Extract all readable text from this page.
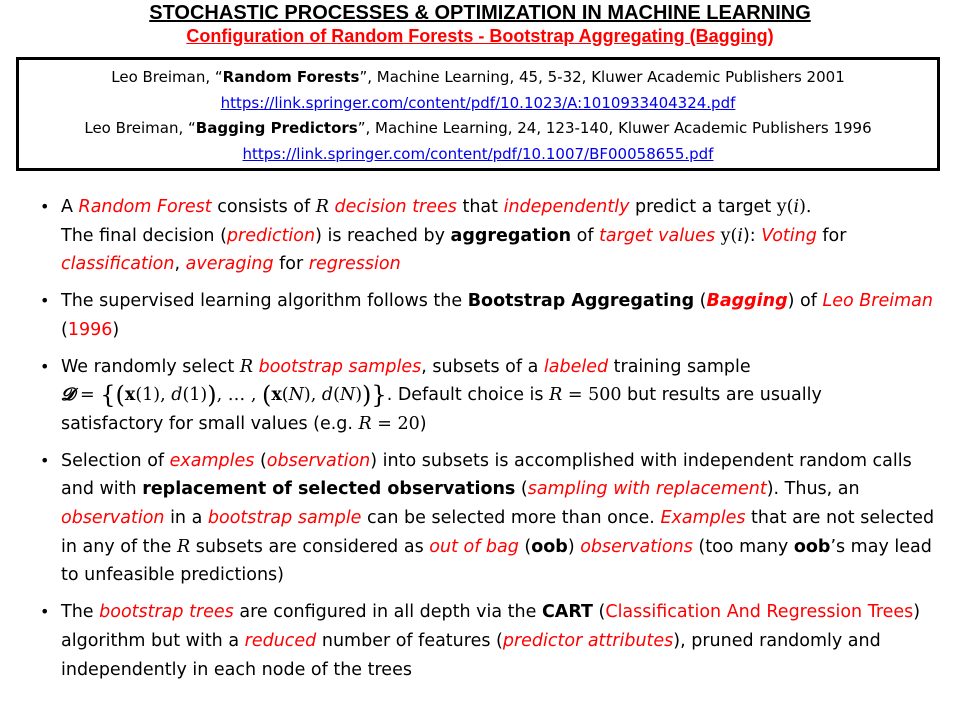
STOCHASTIC PROCESSES & OPTIMIZATION IN MACHINE LEARNING
Configuration of Random Forests - Bootstrap Aggregating (Bagging)
Leo Breiman, “Random Forests”, Machine Learning, 45, 5-32, Kluwer Academic Publishers 2001
https://link.springer.com/content/pdf/10.1023/A:1010933404324.pdf
Leo Breiman, “Bagging Predictors”, Machine Learning, 24, 123-140, Kluwer Academic Publishers 1996
https://link.springer.com/content/pdf/10.1007/BF00058655.pdf
• A Random Forest consists of R decision trees that independently predict a target y(i).
The final decision (prediction) is reached by aggregation of target values y(i): Voting for
classification, averaging for regression
• The supervised learning algorithm follows the Bootstrap Aggregating (Bagging) of Leo Breiman (1996)
• We randomly select R bootstrap samples, subsets of a labeled training sample
𝓓 = {(x(1), d(1)), … , (x(N), d(N))}. Default choice is R = 500 but results are usually
satisfactory for small values (e.g. R = 20)
• Selection of examples (observation) into subsets is accomplished with independent random calls and with replacement of selected observations (sampling with replacement). Thus, an observation in a bootstrap sample can be selected more than once. Examples that are not selected in any of the R subsets are considered as out of bag (oob) observations (too many oob’s may lead to unfeasible predictions)
• The bootstrap trees are configured in all depth via the CART (Classification And Regression Trees) algorithm but with a reduced number of features (predictor attributes), pruned randomly and independently in each node of the trees
